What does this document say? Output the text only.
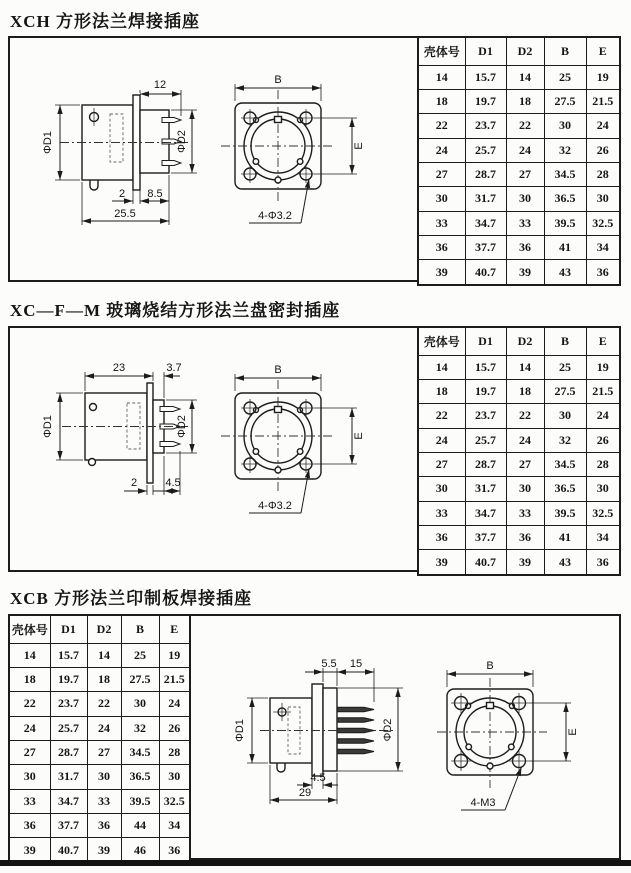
XCH 方形法兰焊接插座
12
ΦD1	ΦD2
2 8.5
25.5
B
E
4-Φ3.2
壳体号	D1	D2	B	E
14	15.7	14	25	19
18	19.7	18	27.5	21.5
22	23.7	22	30	24
24	25.7	24	32	26
27	28.7	27	34.5	28
30	31.7	30	36.5	30
33	34.7	33	39.5	32.5
36	37.7	36	41	34
39	40.7	39	43	36
XC—F—M 玻璃烧结方形法兰盘密封插座
23	3.7
ΦD1	ΦD2
2	4.5
B
E
4-Φ3.2
壳体号	D1	D2	B	E
14	15.7	14	25	19
18	19.7	18	27.5	21.5
22	23.7	22	30	24
24	25.7	24	32	26
27	28.7	27	34.5	28
30	31.7	30	36.5	30
33	34.7	33	39.5	32.5
36	37.7	36	41	34
39	40.7	39	43	36
XCB 方形法兰印制板焊接插座
壳体号	D1	D2	B	E
14	15.7	14	25	19
18	19.7	18	27.5	21.5
22	23.7	22	30	24
24	25.7	24	32	26
27	28.7	27	34.5	28
30	31.7	30	36.5	30
33	34.7	33	39.5	32.5
36	37.7	36	44	34
39	40.7	39	46	36
5.5 15
ΦD1	ΦD2
4.5
29
B
E
4-M3
